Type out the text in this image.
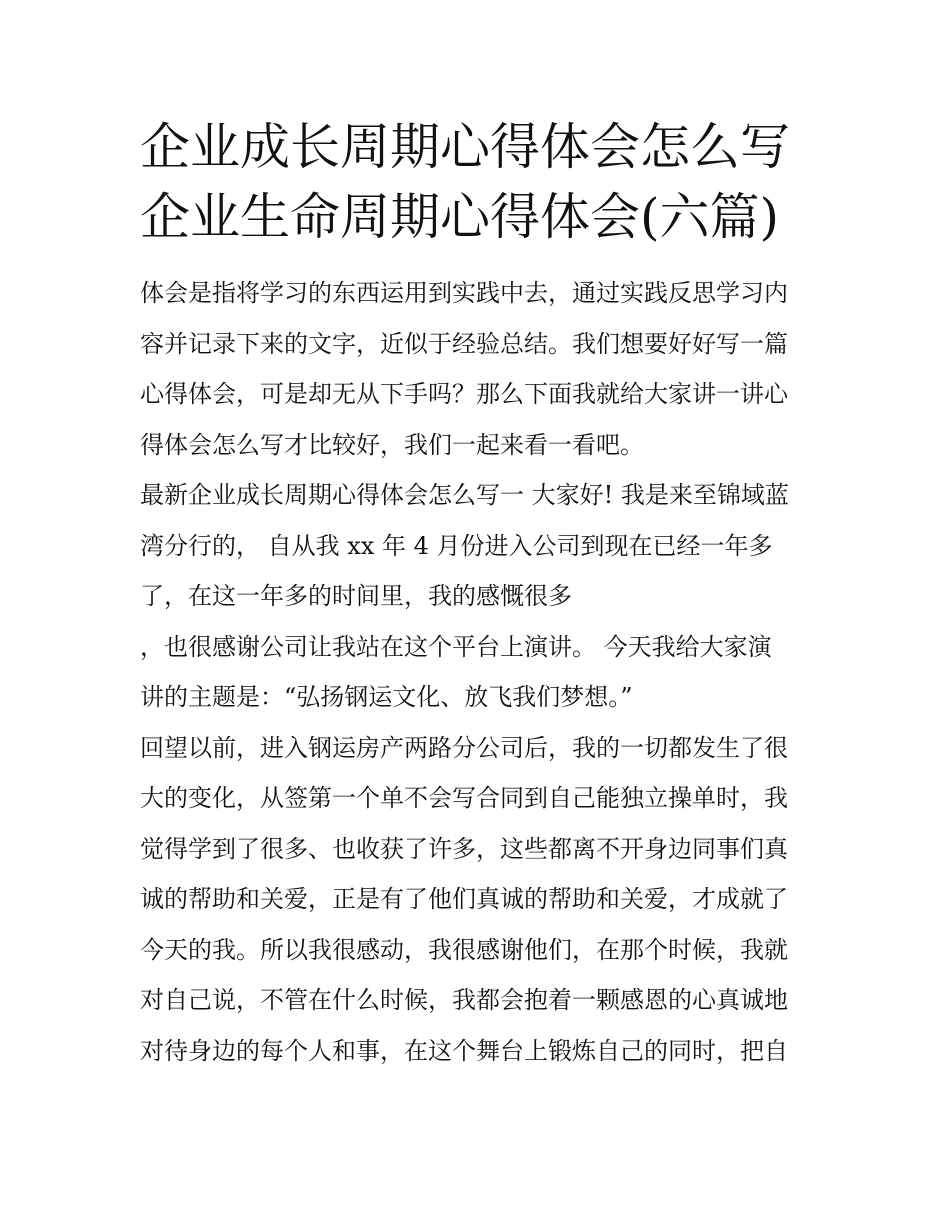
企业成长周期心得体会怎么写
企业生命周期心得体会(六篇)

体会是指将学习的东西运用到实践中去，通过实践反思学习内

容并记录下来的文字，近似于经验总结。我们想要好好写一篇

心得体会，可是却无从下手吗？那么下面我就给大家讲一讲心

得体会怎么写才比较好，我们一起来看一看吧。

最新企业成长周期心得体会怎么写一 大家好! 我是来至锦域蓝

湾分行的， 自从我 xx 年 4 月份进入公司到现在已经一年多

了，在这一年多的时间里，我的感慨很多

，也很感谢公司让我站在这个平台上演讲。 今天我给大家演

讲的主题是：“弘扬钢运文化、放飞我们梦想。”

回望以前，进入钢运房产两路分公司后，我的一切都发生了很

大的变化，从签第一个单不会写合同到自己能独立操单时，我

觉得学到了很多、也收获了许多，这些都离不开身边同事们真

诚的帮助和关爱，正是有了他们真诚的帮助和关爱，才成就了

今天的我。所以我很感动，我很感谢他们，在那个时候，我就

对自己说，不管在什么时候，我都会抱着一颗感恩的心真诚地

对待身边的每个人和事，在这个舞台上锻炼自己的同时，把自
